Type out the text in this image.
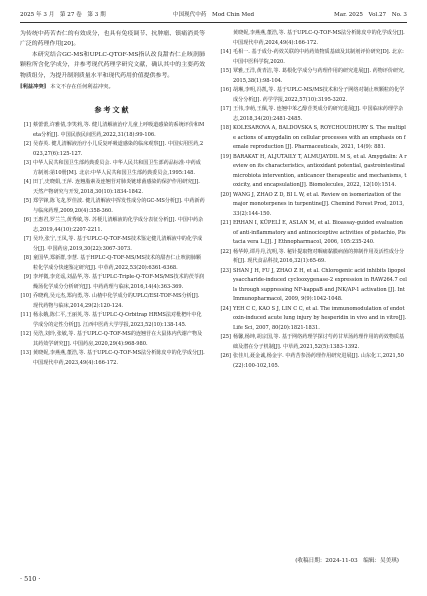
2025 年 3 月　第 27 卷　第 3 期	中国现代中药　Mod Chin Med	Mar. 2025　Vol.27　No. 3

为传统中药苦杏仁的有效成分，也具有免疫调节、抗肿瘤、镇痛消炎等广泛的药理作用[20]。

本研究结合GC-MS和UPLC-QTOF-MS指认改良甜杏仁止咳润肺颗粒所含化学成分，并参考现代药理学研究文献，确认其中的主要药效物质组分，为提升制剂质量水平和现代药用价值提供参考。

[利益冲突] 本文不存在任何利益冲突。

参考文献
[1] 蔡蕾蕾,许雅倩,李笑莉,等. 健儿清解液治疗儿童上呼吸道感染的系统评价和Meta分析[J]. 中国民族民间医药,2022,31(18):99-106.
[2] 吴春英. 健儿清解液治疗小儿反复呼吸道感染的临床观察[J]. 中国实用医药,2023,27(6):125-127.
[3] 中华人民共和国卫生部药典委员会. 中华人民共和国卫生部药品标准·中药成方制剂:第10册[M]. 北京:中华人民共和国卫生部药典委员会,1995:148.
[4] 田丁,史晓娟,王萍. 连翘脂素及连翘苷对肺炎链球菌感染的保护作用研究[J]. 天然产物研究与开发,2018,30(10):1834-1842.
[5] 郑学锋,陈飞龙,罗佳波. 健儿清解液中挥发性成分的GC-MS分析[J]. 中药新药与临床药理,2009,20(4):358-360.
[6] 王惠君,罗兰兰,黄秀敏,等. 苏梗儿清解液的化学成分表征分析[J]. 中国中药杂志,2019,44(10):2207-2211.
[7] 吴玲,张宁,王凤,等. 基于UPLC-Q-TOF-MS技术鉴定健儿清解液中的化学成分[J]. 中国药房,2019,30(22):3067-3073.
[8] 童国华,郑新群,李慧. 基于HPLC-Q-TOF-MS/MS技术的甜杏仁止咳润肺颗粒化学成分快速鉴定研究[J]. 中草药,2022,53(20):6361-6368.
[9] 李坪微,李竞谣,刘晶华,等. 基于UPLC-Triple-Q-TOF-MS/MS技术的茯苓润燥汤化学成分分析研究[J]. 中药药理与临床,2016,14(4):363-369.
[10] 乔晓莉,吴元杰,郑向勇,等. 山楂中化学成分的UPLC/ESI-TOF-MS分析[J]. 现代药物与临床,2014,29(2):120-124.
[11] 杨永娥,陈仁平,王丽英,等. 基于UPLC-Q-Orbitrap HRMS法对枇杷叶中化学成分的定性分析[J]. 江西中医药大学学报,2023,52(10):138-145.
[12] 吴浩,刘玲,张敏,等. 基于UPLC-Q-TOF-MS的连翘苷在大鼠体内代谢产物及其药效学研究[J]. 中国药房,2020,29(4):968-980.
[13] 黄晓妮,李燕燕,董浩,等. 基于UPLC-Q-TOF-MS法分析陈皮中的化学成分[J]. 中国现代中药,2023,49(4):166-172.
黄晓妮,李燕燕,董浩,等. 基于UPLC-Q-TOF-MS法分析陈皮中的化学成分[J]. 中国现代中药,2024,49(4):166-172.
[14] 毛相一. 基于成分-药效关联的中药药效物质基础及其制剂评价研究[D]. 北京:中国中医科学院,2020.
[15] 覃雅,王洋,黄青洁,等. 葛根化学成分与药理作用的研究进展[J]. 药物评价研究,2015,38(1):98-104.
[16] 胡琳,李明,冯凯,等. 基于UPLC-MS/MS技术和分子网络对制止咳颗粒的化学成分分析[J]. 药学学报,2022,57(10):3195-3202.
[17] 王伟,李萌,王佩,等. 连翘中苯乙醇苷类成分的研究进展[J]. 中国临床药理学杂志,2018,34(20):2481-2485.
[18] KOLESAROVA A, BALDOVSKA S, ROYCHOUDHURY S. The multiple actions of amygdalin on cellular processes with an emphasis on female reproduction [J]. Pharmaceuticals, 2021, 14(9): 881.
[19] BARAKAT H, ALJUTAILY T, ALMUJAYDIL M S, et al. Amygdalin: A review on its characteristics, antioxidant potential, gastrointestinal microbiota intervention, anticancer therapeutic and mechanisms, toxicity, and encapsulation[J]. Biomolecules, 2022, 12(10):1514.
[20] WANG J, ZHAO Z D, BI L W, et al. Review on isomerization of the major monoterpenes in turpentine[J]. Chemind Forest Prod, 2013, 33(2):144-150.
[21] ERHAN I, KÜPELİ E, ASLAN M, et al. Bioassay-guided evaluation of anti-inflammatory and antinociceptive activities of pistachio, Pistacia vera L.[J]. J Ethnopharmacol, 2006, 105:235-240.
[22] 杨华婷,谭丹丹,沈明,等. 秘针提取物对咽痛黏膜病菌的抑制作用及活性成分分析[J]. 现代食品科技,2016,32(1):65-69.
[23] SHAN J H, FU J, ZHAO Z H, et al. Chlorogenic acid inhibits lipopolysaccharide-induced cyclooxygenase-2 expression in RAW264.7 cells through suppressing NF-kappaB and JNK/AP-1 activation [J]. Int Immunopharmacol, 2009, 9(9):1042-1048.
[24] YEH C C, KAO S J, LIN C C, et al. The immunomodulation of endotoxin-induced acute lung injury by hesperidin in vivo and in vitro[J]. Life Sci, 2007, 80(20):1821-1831.
[25] 杨馨,杨坤,胡宗国,等. 基于网络药理学探讨芍药甘草汤药理作用的药效物质基础及潜在分子机制[J]. 中草药,2021,52(5):1383-1392.
[26] 张佳川,聂金诚,杨金宇. 中药苦参汤药理作用研究进展[J]. 山东化工,2021,50(22):100-102,105.
(收稿日期：2024-11-03　编辑：吴美琪)
· 510 ·
